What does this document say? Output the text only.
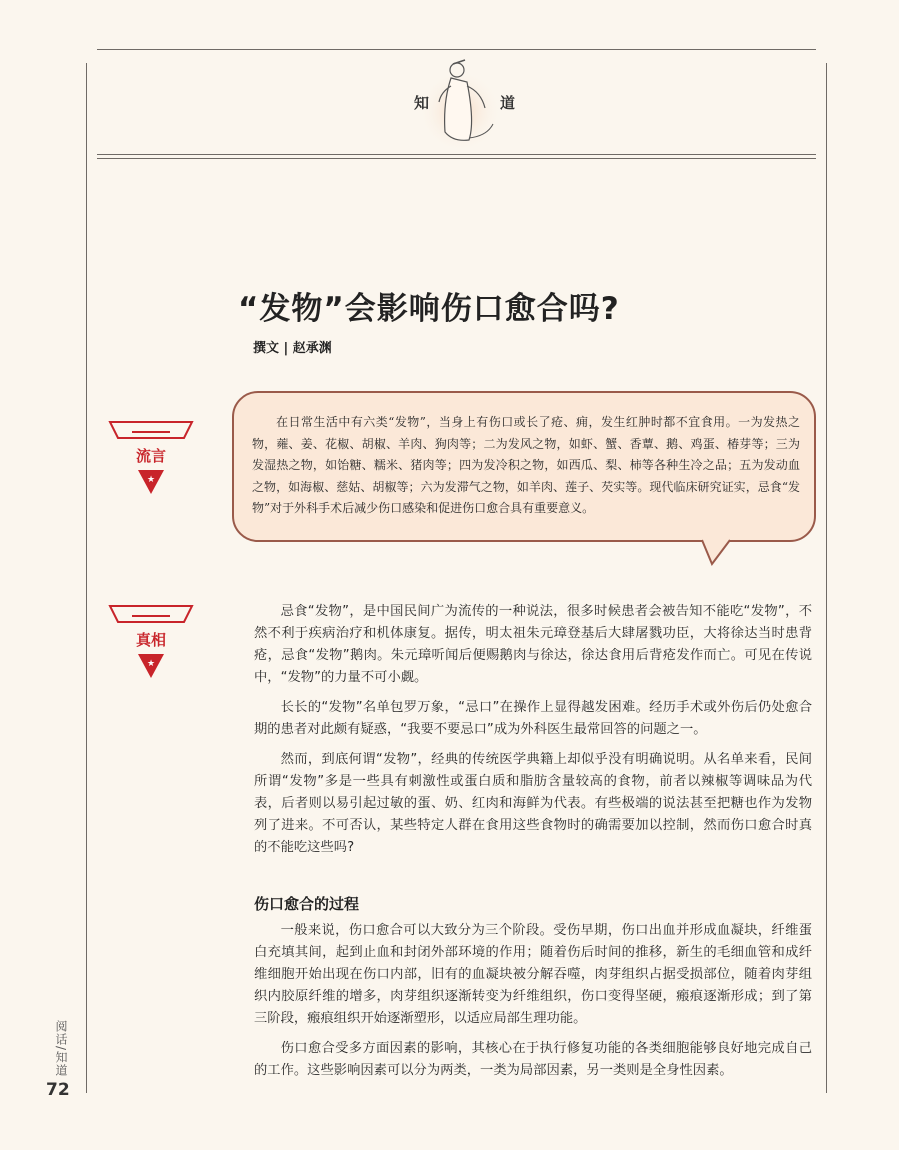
知	道
“发物”会影响伤口愈合吗?
撰文 | 赵承渊
★
流言

在日常生活中有六类“发物”，当身上有伤口或长了疮、痈，发生红肿时都不宜食用。一为发热之物，蕹、姜、花椒、胡椒、羊肉、狗肉等；二为发风之物，如虾、蟹、香蕈、鹅、鸡蛋、椿芽等；三为发湿热之物，如饴糖、糯米、猪肉等；四为发冷积之物，如西瓜、梨、柿等各种生冷之品；五为发动血之物，如海椒、慈姑、胡椒等；六为发滞气之物，如羊肉、莲子、芡实等。现代临床研究证实，忌食“发物”对于外科手术后减少伤口感染和促进伤口愈合具有重要意义。

★
真相

忌食“发物”，是中国民间广为流传的一种说法，很多时候患者会被告知不能吃“发物”，不然不利于疾病治疗和机体康复。据传，明太祖朱元璋登基后大肆屠戮功臣，大将徐达当时患背疮，忌食“发物”鹅肉。朱元璋听闻后便赐鹅肉与徐达，徐达食用后背疮发作而亡。可见在传说中，“发物”的力量不可小觑。

长长的“发物”名单包罗万象，“忌口”在操作上显得越发困难。经历手术或外伤后仍处愈合期的患者对此颇有疑惑，“我要不要忌口”成为外科医生最常回答的问题之一。

然而，到底何谓“发物”，经典的传统医学典籍上却似乎没有明确说明。从名单来看，民间所谓“发物”多是一些具有刺激性或蛋白质和脂肪含量较高的食物，前者以辣椒等调味品为代表，后者则以易引起过敏的蛋、奶、红肉和海鲜为代表。有些极端的说法甚至把糖也作为发物列了进来。不可否认，某些特定人群在食用这些食物时的确需要加以控制，然而伤口愈合时真的不能吃这些吗?

伤口愈合的过程

一般来说，伤口愈合可以大致分为三个阶段。受伤早期，伤口出血并形成血凝块，纤维蛋白充填其间，起到止血和封闭外部环境的作用；随着伤后时间的推移，新生的毛细血管和成纤维细胞开始出现在伤口内部，旧有的血凝块被分解吞噬，肉芽组织占据受损部位，随着肉芽组织内胶原纤维的增多，肉芽组织逐渐转变为纤维组织，伤口变得坚硬，瘢痕逐渐形成；到了第三阶段，瘢痕组织开始逐渐塑形，以适应局部生理功能。

伤口愈合受多方面因素的影响，其核心在于执行修复功能的各类细胞能够良好地完成自己的工作。这些影响因素可以分为两类，一类为局部因素，另一类则是全身性因素。

阅话/知道
72
